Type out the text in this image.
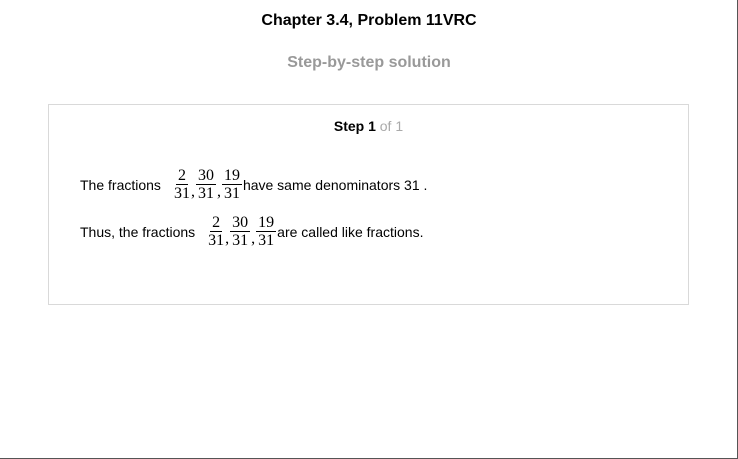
Chapter 3.4, Problem 11VRC
Step-by-step solution
Step 1 of 1
The fractions $\frac{2}{31}$ , $\frac{30}{31}$ , $\frac{19}{31}$ have same denominators 31 .
Thus, the fractions $\frac{2}{31}$ , $\frac{30}{31}$ , $\frac{19}{31}$ are called like fractions.
